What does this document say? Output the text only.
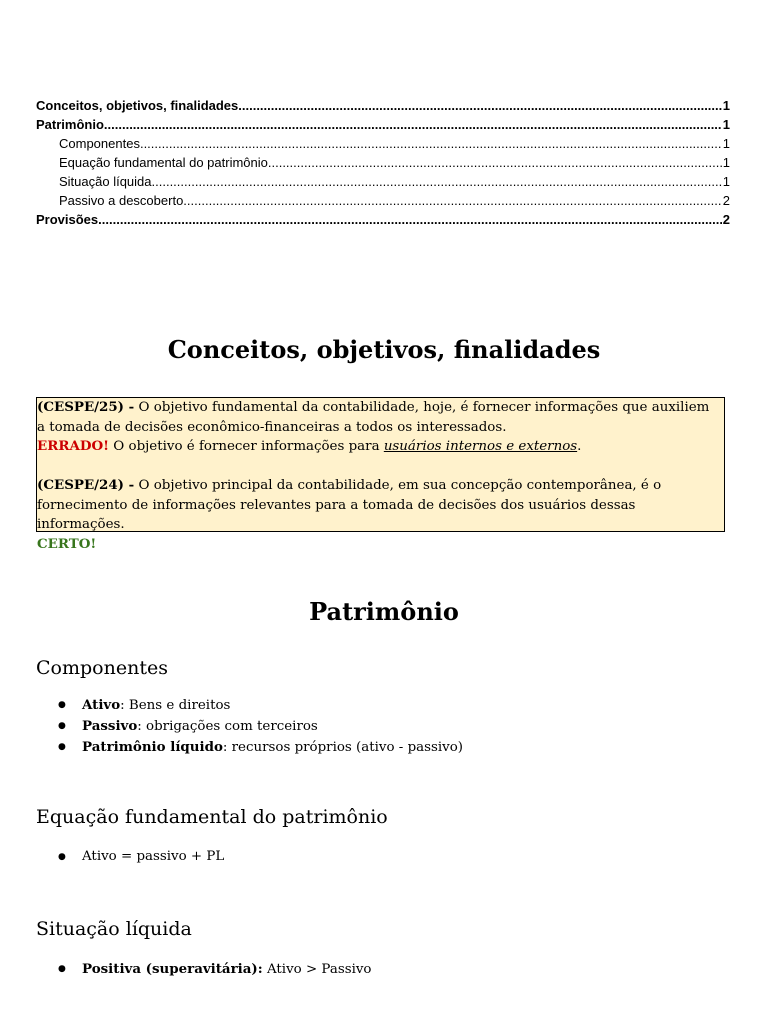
Conceitos, objetivos, finalidades .....	1
Patrimônio .....	1
Componentes .....	1
Equação fundamental do patrimônio .....	1
Situação líquida .....	1
Passivo a descoberto .....	2
Provisões .....	2
Conceitos, objetivos, finalidades

(CESPE/25) - O objetivo fundamental da contabilidade, hoje, é fornecer informações que auxiliem a tomada de decisões econômico-financeiras a todos os interessados.

ERRADO! O objetivo é fornecer informações para usuários internos e externos.

(CESPE/24) - O objetivo principal da contabilidade, em sua concepção contemporânea, é o fornecimento de informações relevantes para a tomada de decisões dos usuários dessas informações.

CERTO!

Patrimônio
Componentes
● Ativo: Bens e direitos
● Passivo: obrigações com terceiros
● Patrimônio líquido: recursos próprios (ativo - passivo)
Equação fundamental do patrimônio
● Ativo = passivo + PL
Situação líquida
● Positiva (superavitária): Ativo > Passivo
